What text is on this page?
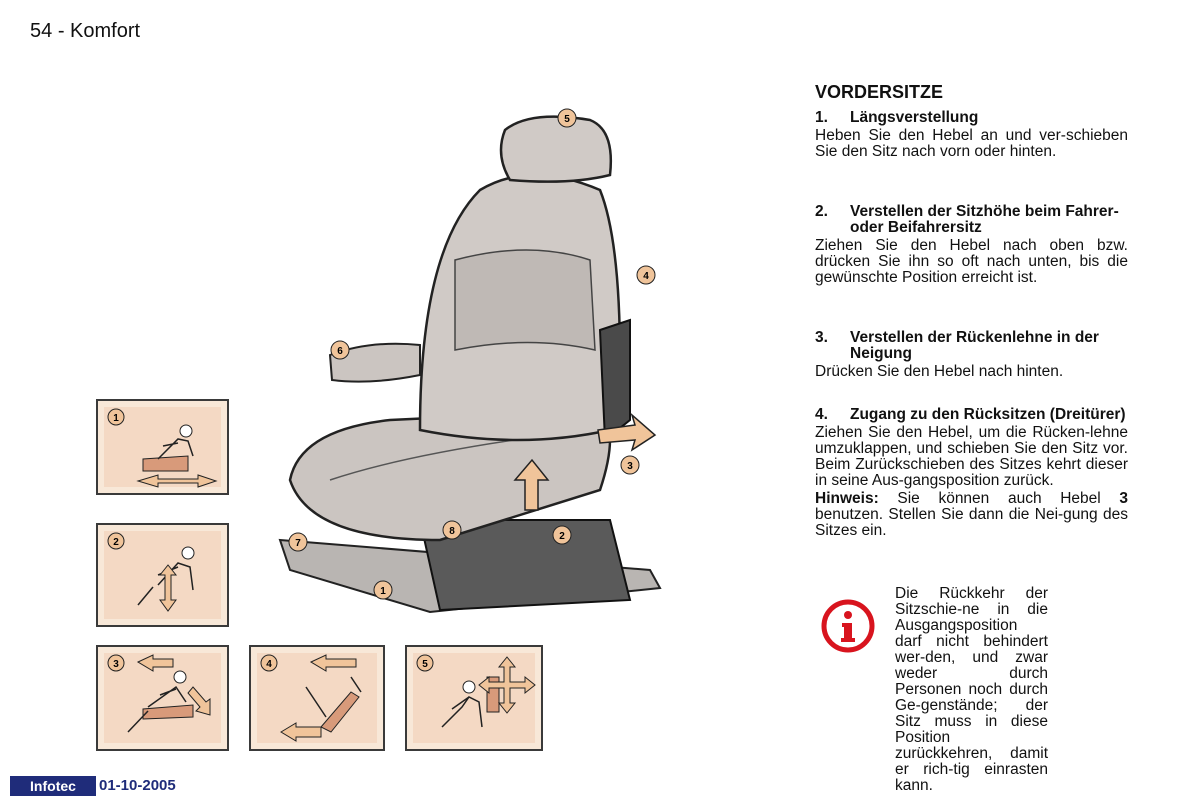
54 - Komfort
5
4
6
3
2
8
7
1
1
2
3	4	5
VORDERSITZE
1.	Längsverstellung
Heben Sie den Hebel an und ver-schieben Sie den Sitz nach vorn oder hinten.
2.	Verstellen der Sitzhöhe beim Fahrer- oder Beifahrersitz
Ziehen Sie den Hebel nach oben bzw. drücken Sie ihn so oft nach unten, bis die gewünschte Position erreicht ist.
3.	Verstellen der Rückenlehne in der Neigung
Drücken Sie den Hebel nach hinten.
4.	Zugang zu den Rücksitzen (Dreitürer)
Ziehen Sie den Hebel, um die Rücken-lehne umzuklappen, und schieben Sie den Sitz vor. Beim Zurückschieben des Sitzes kehrt dieser in seine Aus-gangsposition zurück.
Hinweis: Sie können auch Hebel 3 benutzen. Stellen Sie dann die Nei-gung des Sitzes ein.
Die Rückkehr der Sitzschie-ne in die Ausgangsposition darf nicht behindert wer-den, und zwar weder durch Personen noch durch Ge-genstände; der Sitz muss in diese Position zurückkehren, damit er rich-tig einrasten kann.
Infotec	01-10-2005
